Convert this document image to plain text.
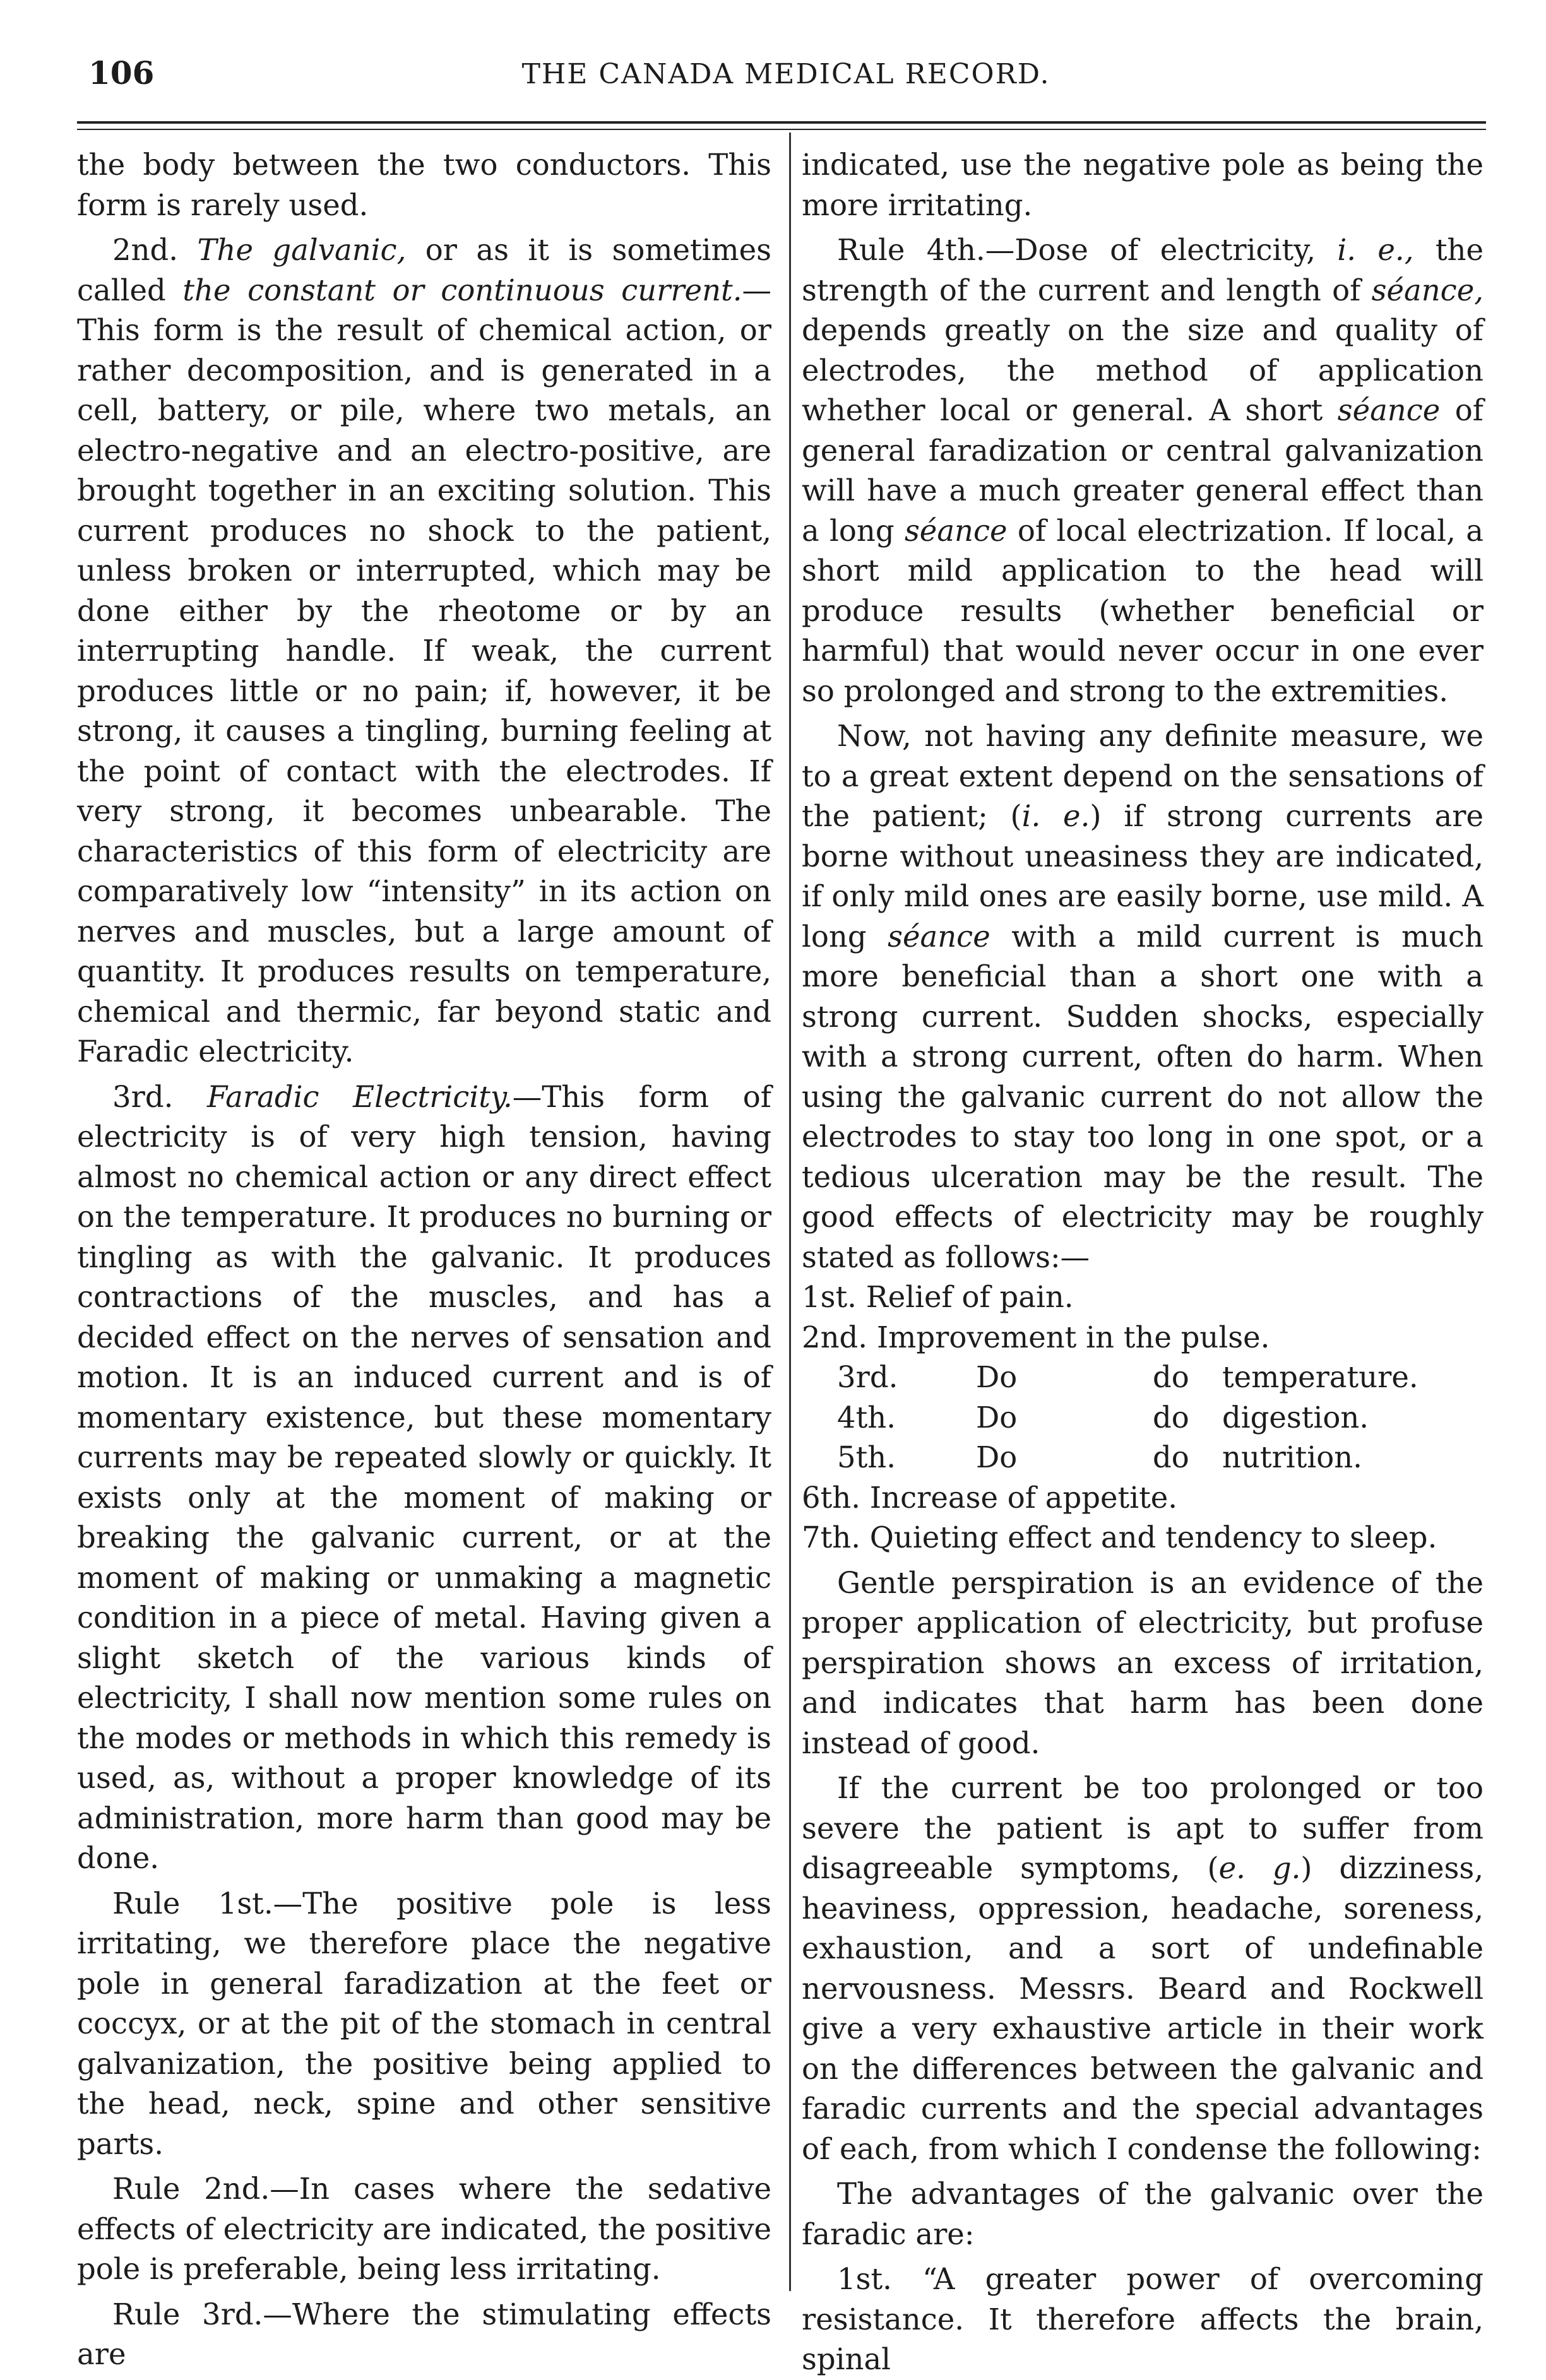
106	THE CANADA MEDICAL RECORD.

the body between the two conductors. This form is rarely used.

2nd. The galvanic, or as it is sometimes called the constant or continuous current.—This form is the result of chemical action, or rather decomposition, and is generated in a cell, battery, or pile, where two metals, an electro-negative and an electro-positive, are brought together in an exciting solution. This current produces no shock to the patient, unless broken or interrupted, which may be done either by the rheotome or by an interrupting handle. If weak, the current produces little or no pain; if, however, it be strong, it causes a tingling, burning feeling at the point of contact with the electrodes. If very strong, it becomes unbearable. The characteristics of this form of electricity are comparatively low “intensity” in its action on nerves and muscles, but a large amount of quantity. It produces results on temperature, chemical and thermic, far beyond static and Faradic electricity.

3rd. Faradic Electricity.—This form of electricity is of very high tension, having almost no chemical action or any direct effect on the temperature. It produces no burning or tingling as with the galvanic. It produces contractions of the muscles, and has a decided effect on the nerves of sensation and motion. It is an induced current and is of momentary existence, but these momentary currents may be repeated slowly or quickly. It exists only at the moment of making or breaking the galvanic current, or at the moment of making or unmaking a magnetic condition in a piece of metal. Having given a slight sketch of the various kinds of electricity, I shall now mention some rules on the modes or methods in which this remedy is used, as, without a proper knowledge of its administration, more harm than good may be done.

Rule 1st.—The positive pole is less irritating, we therefore place the negative pole in general faradization at the feet or coccyx, or at the pit of the stomach in central galvanization, the positive being applied to the head, neck, spine and other sensitive parts.

Rule 2nd.—In cases where the sedative effects of electricity are indicated, the positive pole is preferable, being less irritating.

Rule 3rd.—Where the stimulating effects are

indicated, use the negative pole as being the more irritating.

Rule 4th.—Dose of electricity, i. e., the strength of the current and length of séance, depends greatly on the size and quality of electrodes, the method of application whether local or general. A short séance of general faradization or central galvanization will have a much greater general effect than a long séance of local electrization. If local, a short mild application to the head will produce results (whether beneficial or harmful) that would never occur in one ever so prolonged and strong to the extremities.

Now, not having any definite measure, we to a great extent depend on the sensations of the patient; (i. e.) if strong currents are borne without uneasiness they are indicated, if only mild ones are easily borne, use mild. A long séance with a mild current is much more beneficial than a short one with a strong current. Sudden shocks, especially with a strong current, often do harm. When using the galvanic current do not allow the electrodes to stay too long in one spot, or a tedious ulceration may be the result. The good effects of electricity may be roughly stated as follows:—

1st. Relief of pain.

2nd. Improvement in the pulse.

3rd.	Do	do	temperature.
4th.	Do	do	digestion.
5th.	Do	do	nutrition.

6th. Increase of appetite.

7th. Quieting effect and tendency to sleep.

Gentle perspiration is an evidence of the proper application of electricity, but profuse perspiration shows an excess of irritation, and indicates that harm has been done instead of good.

If the current be too prolonged or too severe the patient is apt to suffer from disagreeable symptoms, (e. g.) dizziness, heaviness, oppression, headache, soreness, exhaustion, and a sort of undefinable nervousness. Messrs. Beard and Rockwell give a very exhaustive article in their work on the differences between the galvanic and faradic currents and the special advantages of each, from which I condense the following:

The advantages of the galvanic over the faradic are:

1st. “A greater power of overcoming resistance. It therefore affects the brain, spinal
